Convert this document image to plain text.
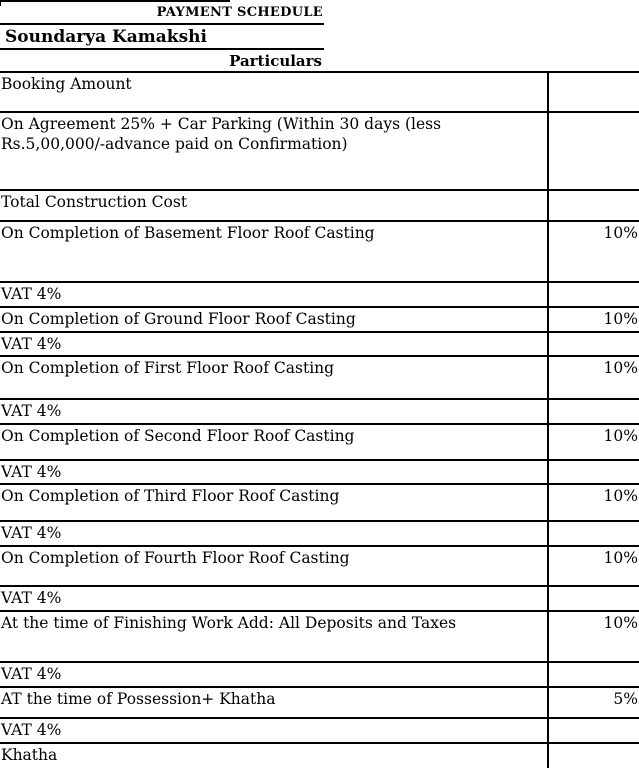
PAYMENT SCHEDULE
Soundarya Kamakshi
Particulars
Booking Amount
On Agreement 25% + Car Parking (Within 30 days (less Rs.5,00,000/-advance paid on Confirmation)
Total Construction Cost
On Completion of Basement Floor Roof Casting	10%
VAT 4%
On Completion of Ground Floor Roof Casting	10%
VAT 4%
On Completion of First Floor Roof Casting	10%
VAT 4%
On Completion of Second Floor Roof Casting	10%
VAT 4%
On Completion of Third Floor Roof Casting	10%
VAT 4%
On Completion of Fourth Floor Roof Casting	10%
VAT 4%
At the time of Finishing Work Add: All Deposits and Taxes	10%
VAT 4%
AT the time of Possession+ Khatha	5%
VAT 4%
Khatha
